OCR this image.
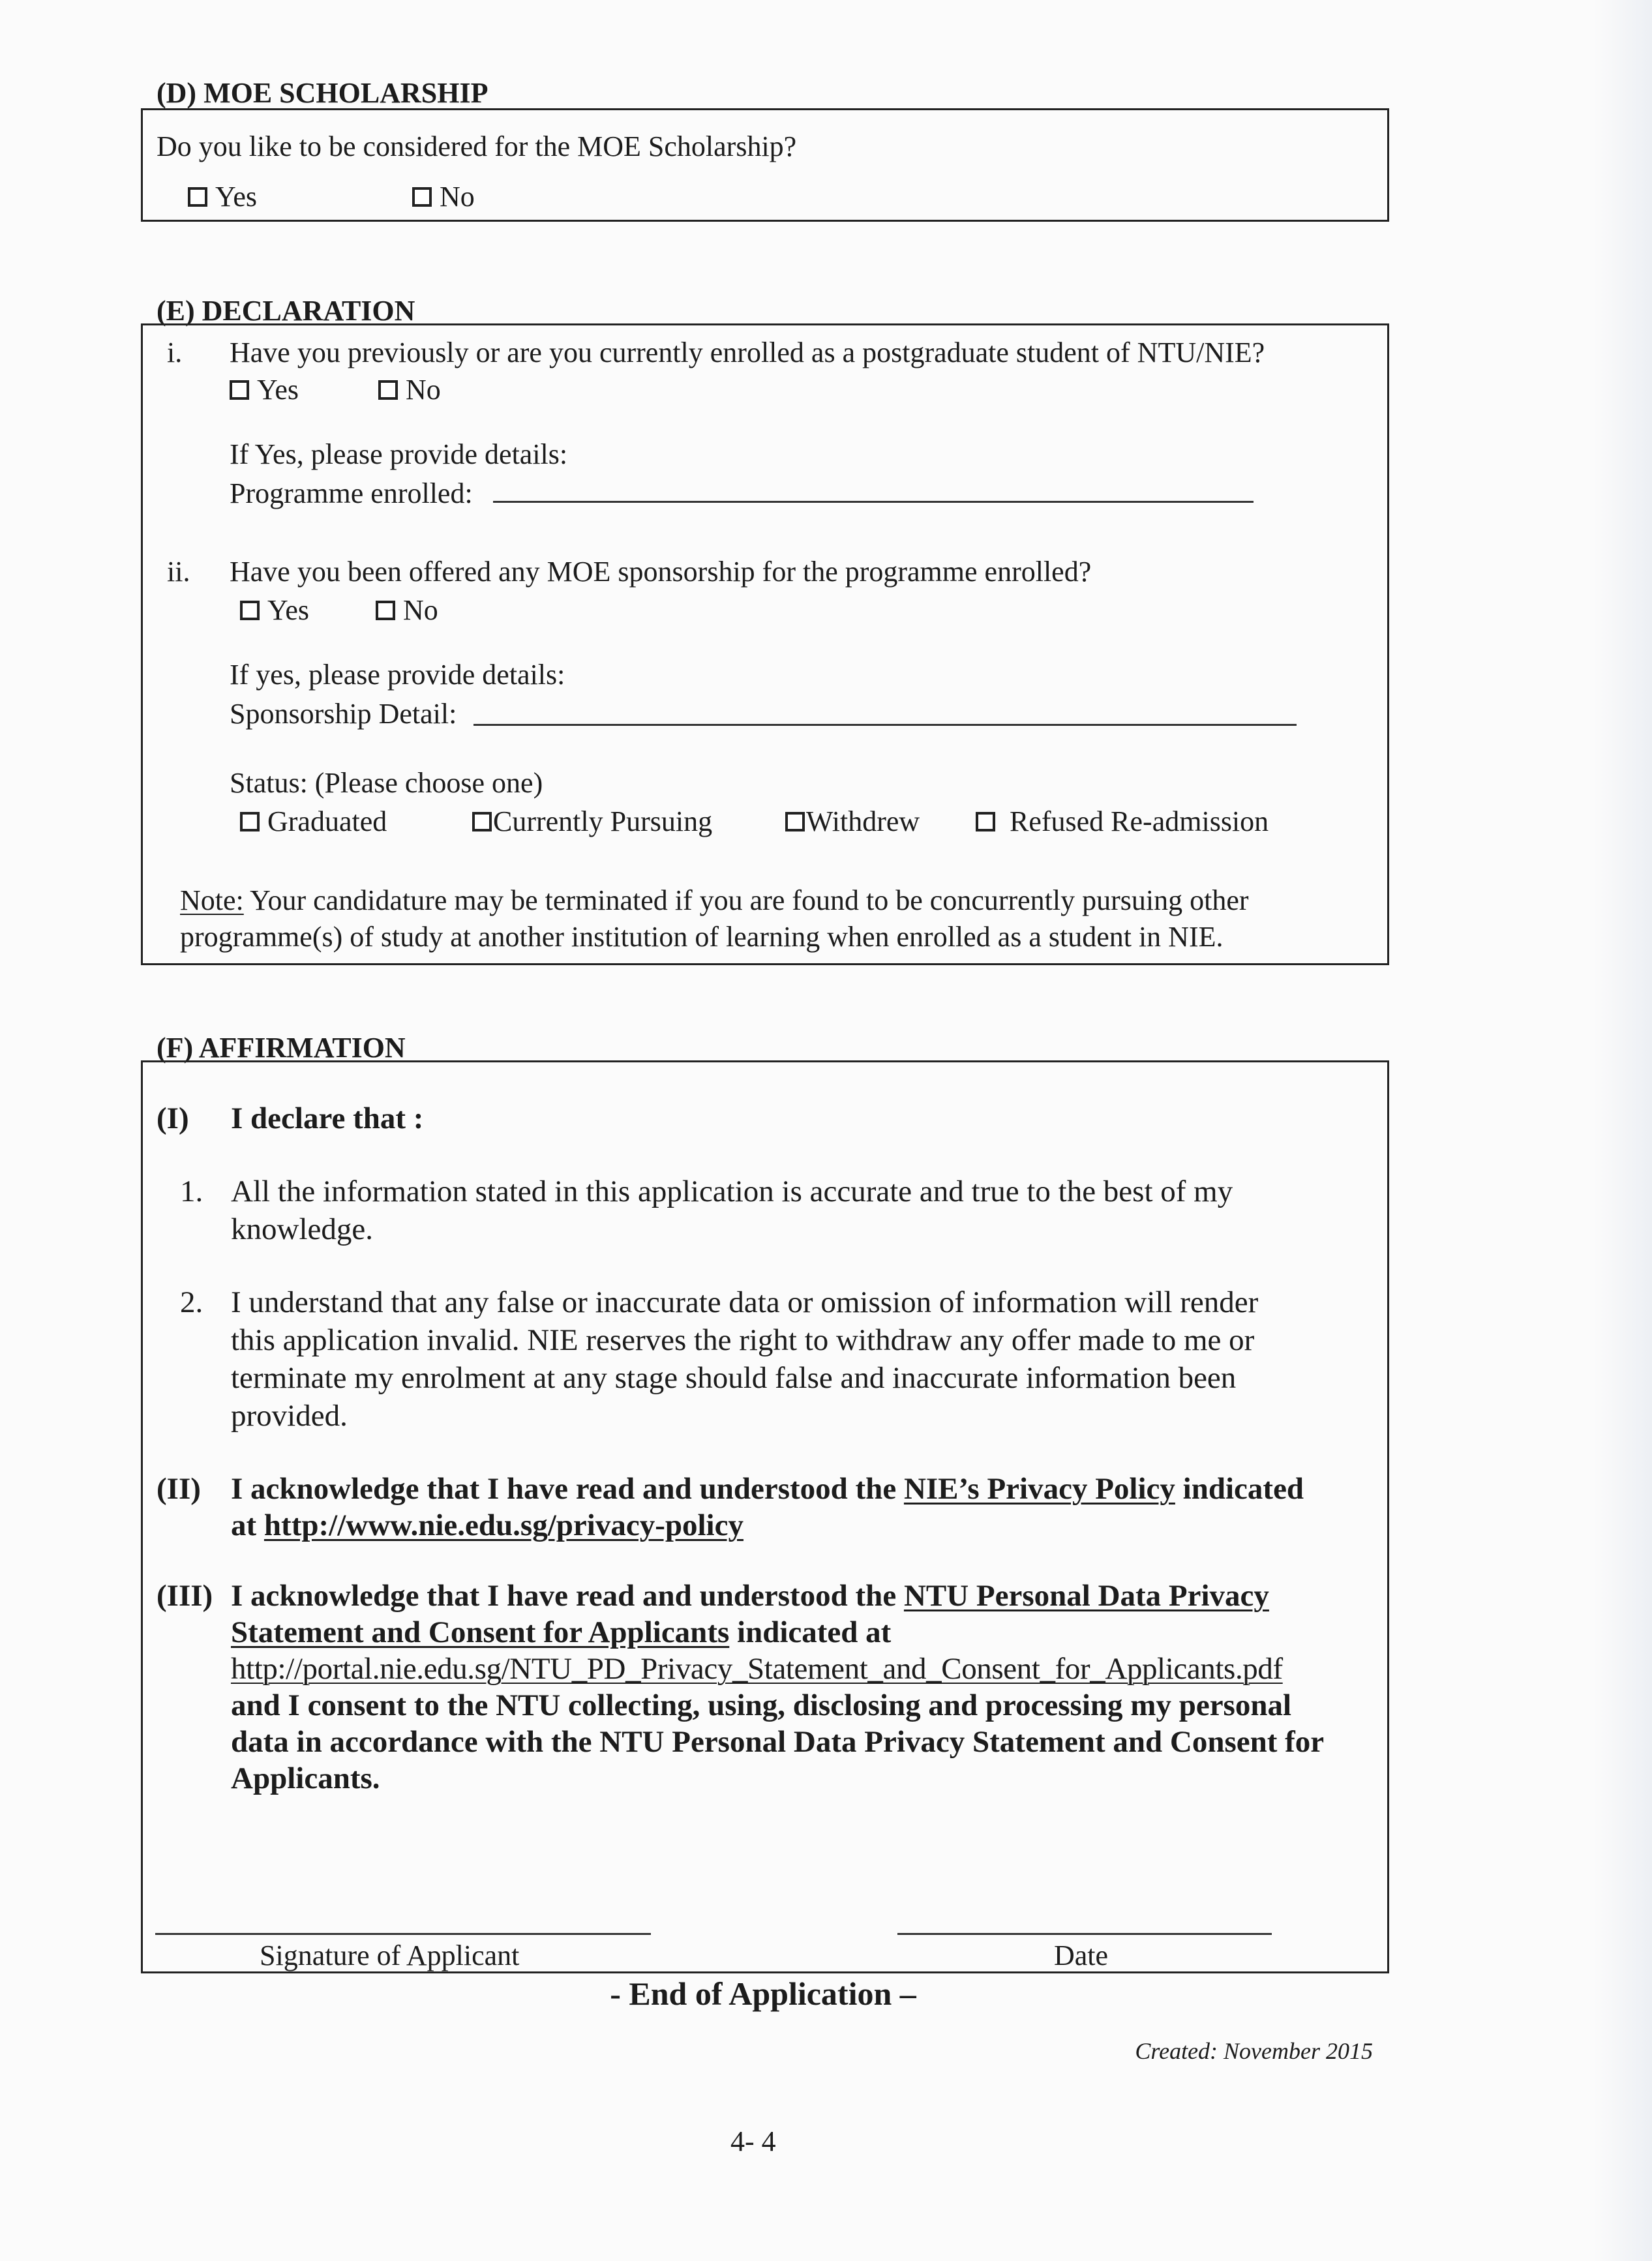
(D) MOE SCHOLARSHIP
Do you like to be considered for the MOE Scholarship?
Yes	No
(E) DECLARATION
i. Have you previously or are you currently enrolled as a postgraduate student of NTU/NIE?
Yes	No
If Yes, please provide details:
Programme enrolled:
ii. Have you been offered any MOE sponsorship for the programme enrolled?
Yes	No
If yes, please provide details:
Sponsorship Detail:
Status: (Please choose one)
Graduated	Currently Pursuing	Withdrew	Refused Re-admission
Note: Your candidature may be terminated if you are found to be concurrently pursuing other
programme(s) of study at another institution of learning when enrolled as a student in NIE.
(F) AFFIRMATION
(I) I declare that :
1. All the information stated in this application is accurate and true to the best of my
knowledge.
2. I understand that any false or inaccurate data or omission of information will render
this application invalid. NIE reserves the right to withdraw any offer made to me or
terminate my enrolment at any stage should false and inaccurate information been
provided.
(II) I acknowledge that I have read and understood the NIE’s Privacy Policy indicated
at http://www.nie.edu.sg/privacy-policy
(III) I acknowledge that I have read and understood the NTU Personal Data Privacy
Statement and Consent for Applicants indicated at
http://portal.nie.edu.sg/NTU_PD_Privacy_Statement_and_Consent_for_Applicants.pdf
and I consent to the NTU collecting, using, disclosing and processing my personal
data in accordance with the NTU Personal Data Privacy Statement and Consent for
Applicants.
Signature of Applicant	Date
- End of Application –
Created: November 2015
4- 4
